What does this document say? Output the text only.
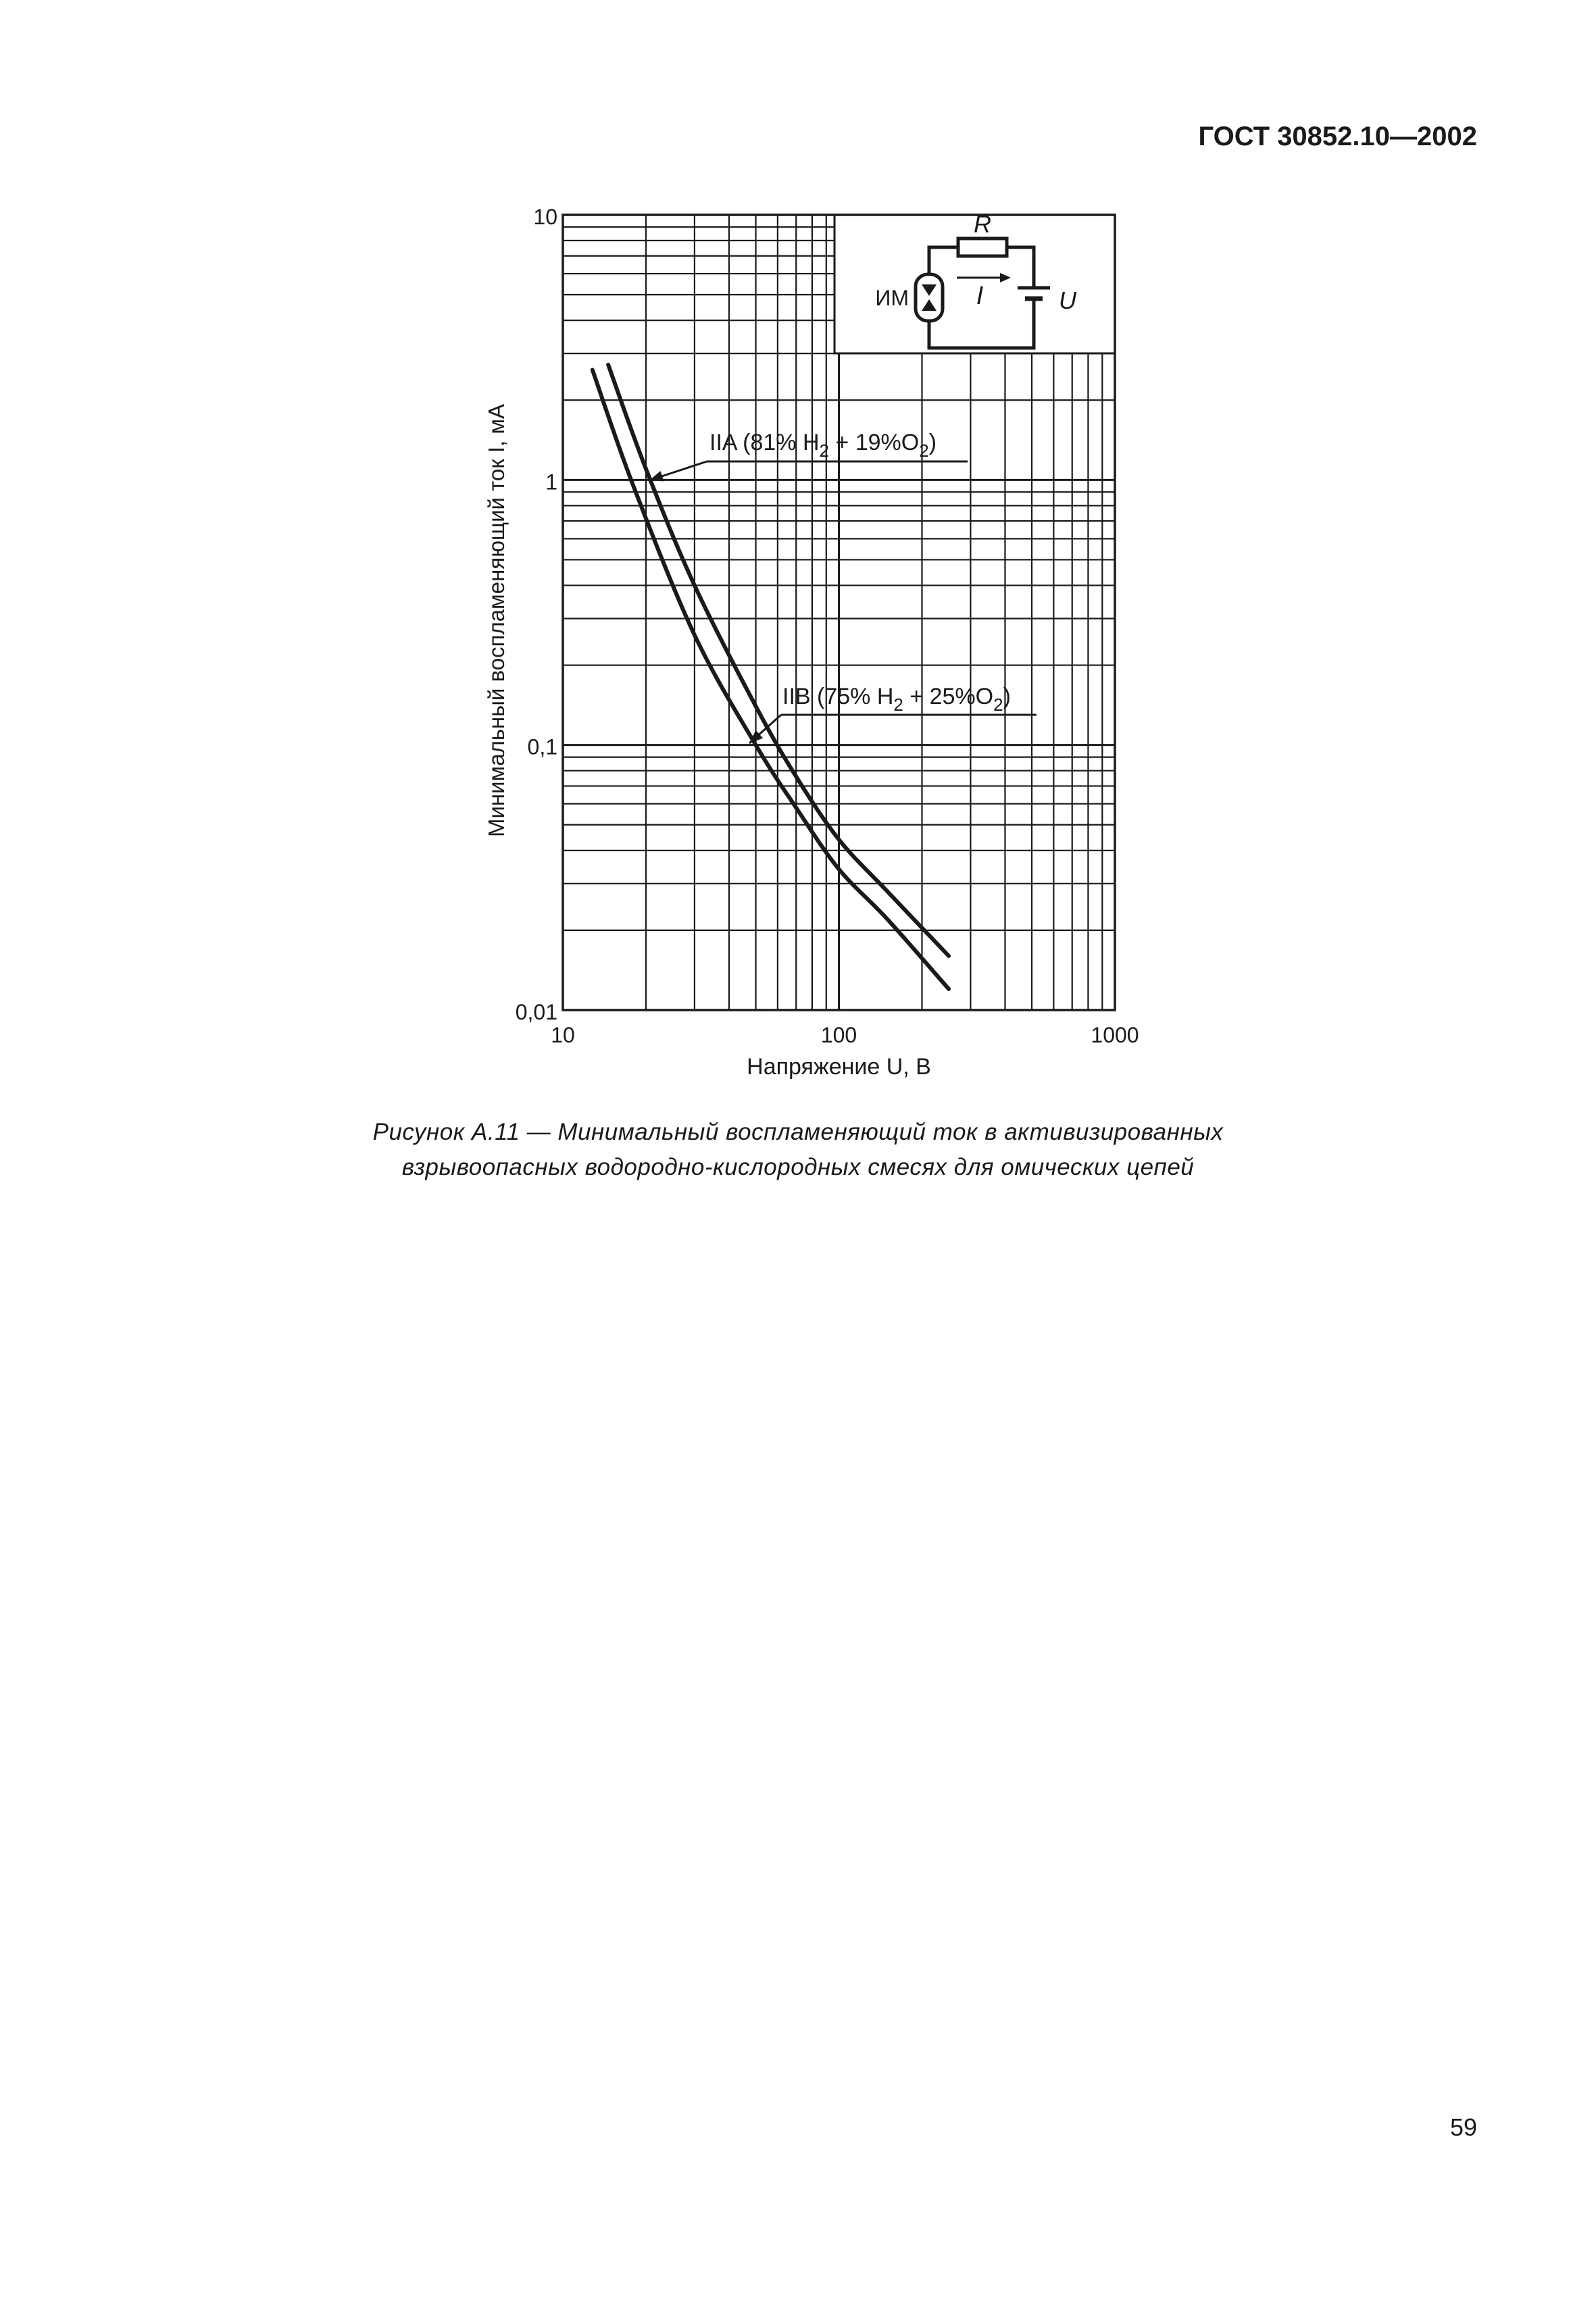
ГОСТ 30852.10—2002
R
I	U
ИМ
IIA (81% $H_2 + 19\%O_2$)
IIB (75% $H_2 + 25\%O_2$)
10	100	1000
0,01
0,1
1
10
Напряжение U, В
Минимальный воспламеняющий ток I, мА
Рисунок А.11 — Минимальный воспламеняющий ток в активизированных
взрывоопасных водородно-кислородных смесях для омических цепей
59
